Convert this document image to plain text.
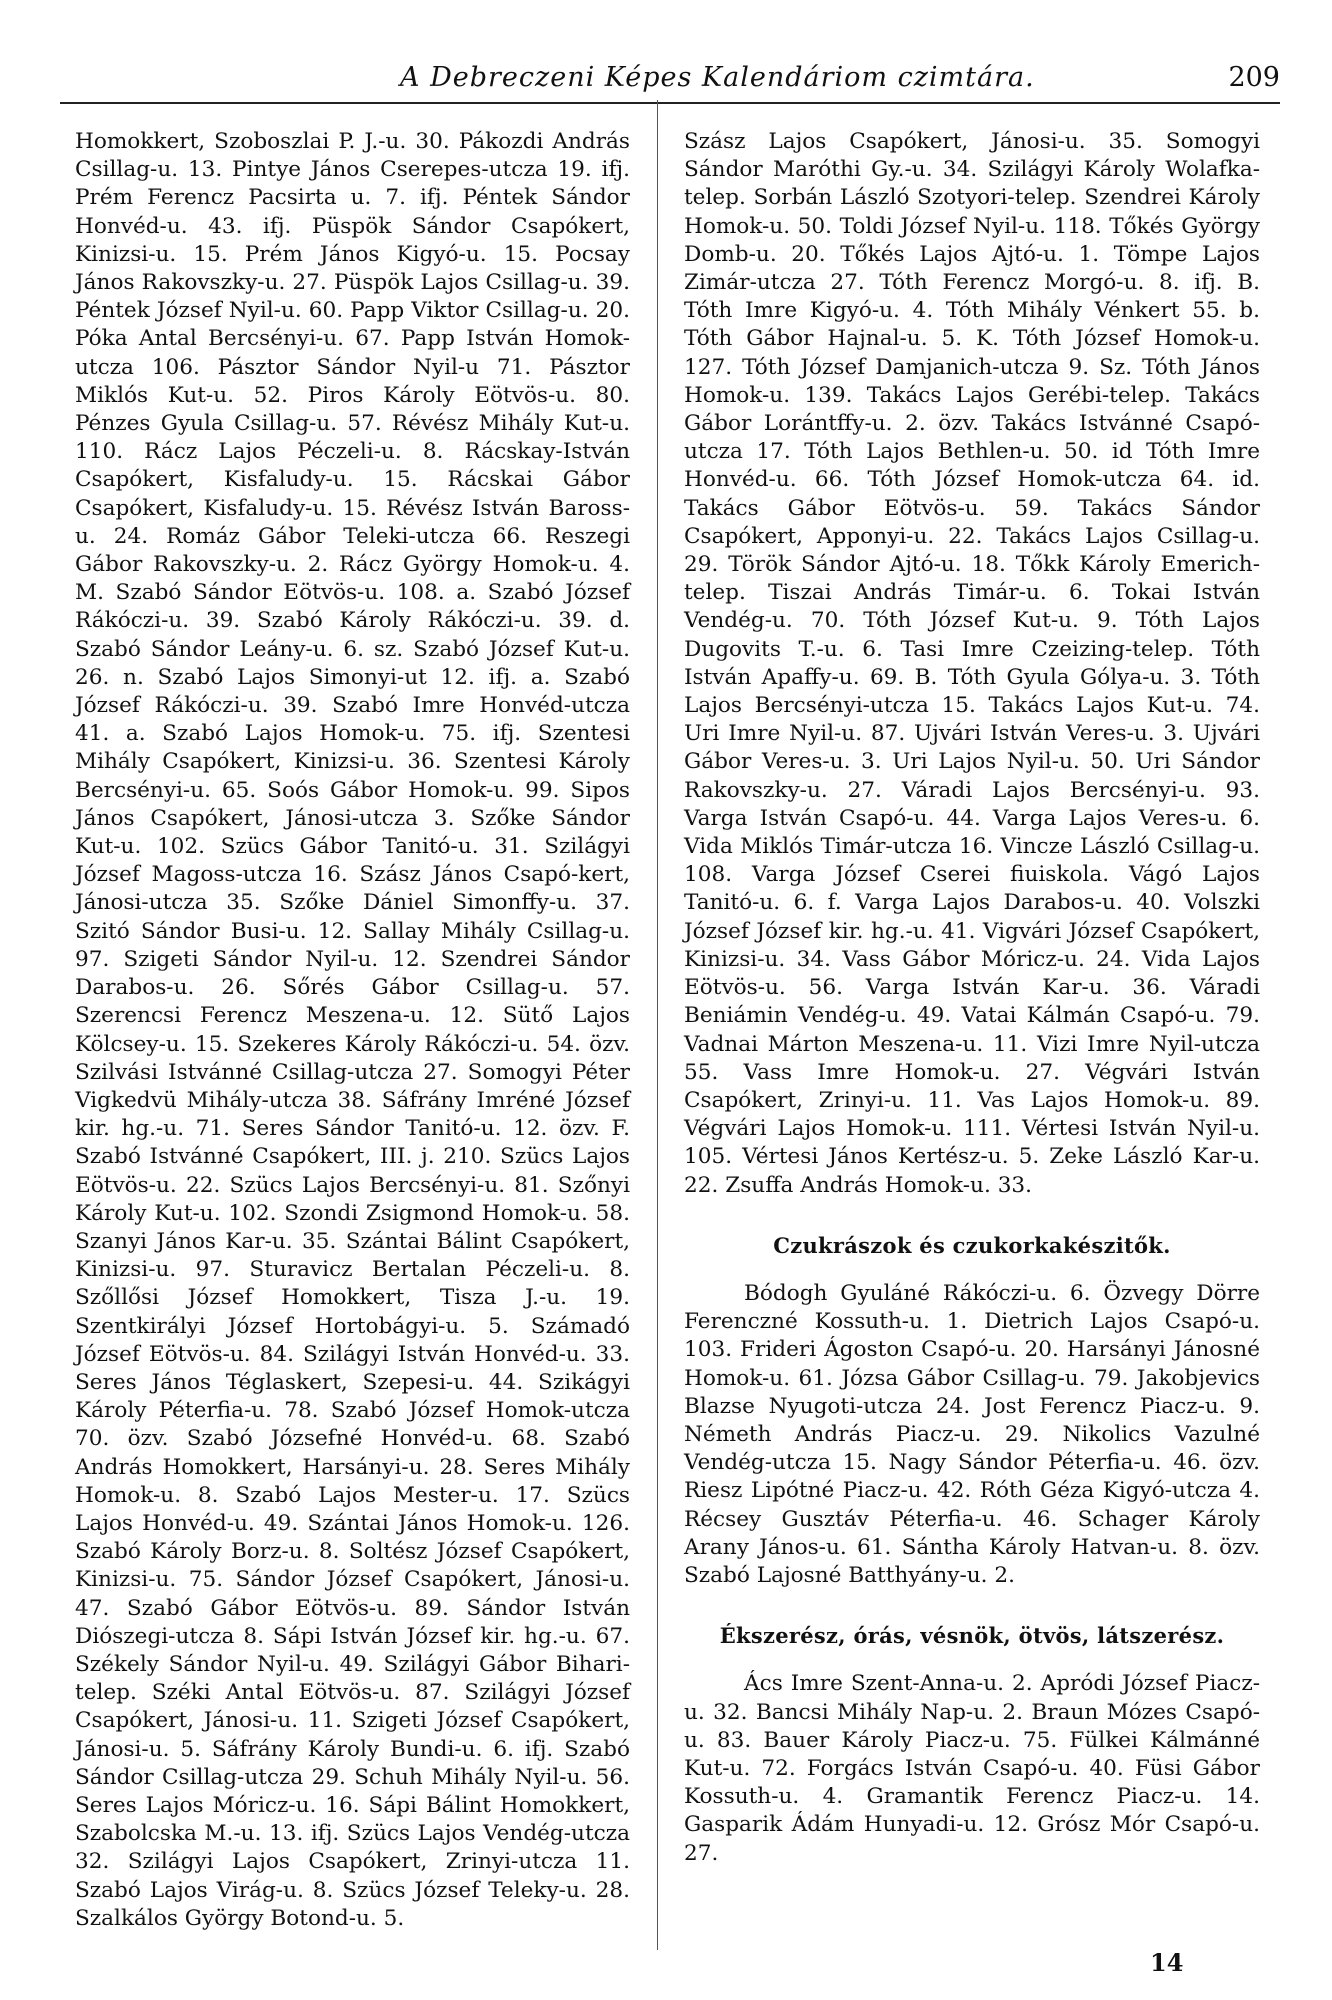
A Debreczeni Képes Kalendáriom czimtára.	209

Homokkert, Szoboszlai P. J.-u. 30. Pákozdi András Csillag-u. 13. Pintye János Cserepes-utcza 19. ifj. Prém Ferencz Pacsirta u. 7. ifj. Péntek Sándor Honvéd-u. 43. ifj. Püspök Sándor Csapókert, Kinizsi-u. 15. Prém János Kigyó-u. 15. Pocsay János Rakovszky-u. 27. Püspök Lajos Csillag-u. 39. Péntek József Nyil-u. 60. Papp Viktor Csillag-u. 20. Póka Antal Bercsényi-u. 67. Papp István Homok-utcza 106. Pásztor Sándor Nyil-u 71. Pásztor Miklós Kut-u. 52. Piros Károly Eötvös-u. 80. Pénzes Gyula Csillag-u. 57. Révész Mihály Kut-u. 110. Rácz Lajos Péczeli-u. 8. Rácskay-István Csapókert, Kisfaludy-u. 15. Rácskai Gábor Csapókert, Kisfaludy-u. 15. Révész István Baross-u. 24. Romáz Gábor Teleki-utcza 66. Reszegi Gábor Rakovszky-u. 2. Rácz György Homok-u. 4. M. Szabó Sándor Eötvös-u. 108. a. Szabó József Rákóczi-u. 39. Szabó Károly Rákóczi-u. 39. d. Szabó Sándor Leány-u. 6. sz. Szabó József Kut-u. 26. n. Szabó Lajos Simonyi-ut 12. ifj. a. Szabó József Rákóczi-u. 39. Szabó Imre Honvéd-utcza 41. a. Szabó Lajos Homok-u. 75. ifj. Szentesi Mihály Csapókert, Kinizsi-u. 36. Szentesi Károly Bercsényi-u. 65. Soós Gábor Homok-u. 99. Sipos János Csapókert, Jánosi-utcza 3. Szőke Sándor Kut-u. 102. Szücs Gábor Tanitó-u. 31. Szilágyi József Magoss-utcza 16. Szász János Csapó-kert, Jánosi-utcza 35. Szőke Dániel Simonffy-u. 37. Szitó Sándor Busi-u. 12. Sallay Mihály Csillag-u. 97. Szigeti Sándor Nyil-u. 12. Szendrei Sándor Darabos-u. 26. Sőrés Gábor Csillag-u. 57. Szerencsi Ferencz Meszena-u. 12. Sütő Lajos Kölcsey-u. 15. Szekeres Károly Rákóczi-u. 54. özv. Szilvási Istvánné Csillag-utcza 27. Somogyi Péter Vigkedvü Mihály-utcza 38. Sáfrány Imréné József kir. hg.-u. 71. Seres Sándor Tanitó-u. 12. özv. F. Szabó Istvánné Csapókert, III. j. 210. Szücs Lajos Eötvös-u. 22. Szücs Lajos Bercsényi-u. 81. Szőnyi Károly Kut-u. 102. Szondi Zsigmond Homok-u. 58. Szanyi János Kar-u. 35. Szántai Bálint Csapókert, Kinizsi-u. 97. Sturavicz Bertalan Péczeli-u. 8. Szőllősi József Homokkert, Tisza J.-u. 19. Szentkirályi József Hortobágyi-u. 5. Számadó József Eötvös-u. 84. Szilágyi István Honvéd-u. 33. Seres János Téglaskert, Szepesi-u. 44. Szikágyi Károly Péterfia-u. 78. Szabó József Homok-utcza 70. özv. Szabó Józsefné Honvéd-u. 68. Szabó András Homokkert, Harsányi-u. 28. Seres Mihály Homok-u. 8. Szabó Lajos Mester-u. 17. Szücs Lajos Honvéd-u. 49. Szántai János Homok-u. 126. Szabó Károly Borz-u. 8. Soltész József Csapókert, Kinizsi-u. 75. Sándor József Csapókert, Jánosi-u. 47. Szabó Gábor Eötvös-u. 89. Sándor István Diószegi-utcza 8. Sápi István József kir. hg.-u. 67. Székely Sándor Nyil-u. 49. Szilágyi Gábor Bihari-telep. Széki Antal Eötvös-u. 87. Szilágyi József Csapókert, Jánosi-u. 11. Szigeti József Csapókert, Jánosi-u. 5. Sáfrány Károly Bundi-u. 6. ifj. Szabó Sándor Csillag-utcza 29. Schuh Mihály Nyil-u. 56. Seres Lajos Móricz-u. 16. Sápi Bálint Homokkert, Szabolcska M.-u. 13. ifj. Szücs Lajos Vendég-utcza 32. Szilágyi Lajos Csapókert, Zrinyi-utcza 11. Szabó Lajos Virág-u. 8. Szücs József Teleky-u. 28. Szalkálos György Botond-u. 5.

Szász Lajos Csapókert, Jánosi-u. 35. Somogyi Sándor Maróthi Gy.-u. 34. Szilágyi Károly Wolafka-telep. Sorbán László Szotyori-telep. Szendrei Károly Homok-u. 50. Toldi József Nyil-u. 118. Tőkés György Domb-u. 20. Tőkés Lajos Ajtó-u. 1. Tömpe Lajos Zimár-utcza 27. Tóth Ferencz Morgó-u. 8. ifj. B. Tóth Imre Kigyó-u. 4. Tóth Mihály Vénkert 55. b. Tóth Gábor Hajnal-u. 5. K. Tóth József Homok-u. 127. Tóth József Damjanich-utcza 9. Sz. Tóth János Homok-u. 139. Takács Lajos Gerébi-telep. Takács Gábor Lorántffy-u. 2. özv. Takács Istvánné Csapó-utcza 17. Tóth Lajos Bethlen-u. 50. id Tóth Imre Honvéd-u. 66. Tóth József Homok-utcza 64. id. Takács Gábor Eötvös-u. 59. Takács Sándor Csapókert, Apponyi-u. 22. Takács Lajos Csillag-u. 29. Török Sándor Ajtó-u. 18. Tőkk Károly Emerich-telep. Tiszai András Timár-u. 6. Tokai István Vendég-u. 70. Tóth József Kut-u. 9. Tóth Lajos Dugovits T.-u. 6. Tasi Imre Czeizing-telep. Tóth István Apaffy-u. 69. B. Tóth Gyula Gólya-u. 3. Tóth Lajos Bercsényi-utcza 15. Takács Lajos Kut-u. 74. Uri Imre Nyil-u. 87. Ujvári István Veres-u. 3. Ujvári Gábor Veres-u. 3. Uri Lajos Nyil-u. 50. Uri Sándor Rakovszky-u. 27. Váradi Lajos Bercsényi-u. 93. Varga István Csapó-u. 44. Varga Lajos Veres-u. 6. Vida Miklós Timár-utcza 16. Vincze László Csillag-u. 108. Varga József Cserei fiuiskola. Vágó Lajos Tanitó-u. 6. f. Varga Lajos Darabos-u. 40. Volszki József József kir. hg.-u. 41. Vigvári József Csapókert, Kinizsi-u. 34. Vass Gábor Móricz-u. 24. Vida Lajos Eötvös-u. 56. Varga István Kar-u. 36. Váradi Beniámin Vendég-u. 49. Vatai Kálmán Csapó-u. 79. Vadnai Márton Meszena-u. 11. Vizi Imre Nyil-utcza 55. Vass Imre Homok-u. 27. Végvári István Csapókert, Zrinyi-u. 11. Vas Lajos Homok-u. 89. Végvári Lajos Homok-u. 111. Vértesi István Nyil-u. 105. Vértesi János Kertész-u. 5. Zeke László Kar-u. 22. Zsuffa András Homok-u. 33.

Czukrászok és czukorkakészitők.

Bódogh Gyuláné Rákóczi-u. 6. Özvegy Dörre Ferenczné Kossuth-u. 1. Dietrich Lajos Csapó-u. 103. Frideri Ágoston Csapó-u. 20. Harsányi Jánosné Homok-u. 61. Józsa Gábor Csillag-u. 79. Jakobjevics Blazse Nyugoti-utcza 24. Jost Ferencz Piacz-u. 9. Németh András Piacz-u. 29. Nikolics Vazulné Vendég-utcza 15. Nagy Sándor Péterfia-u. 46. özv. Riesz Lipótné Piacz-u. 42. Róth Géza Kigyó-utcza 4. Récsey Gusztáv Péterfia-u. 46. Schager Károly Arany János-u. 61. Sántha Károly Hatvan-u. 8. özv. Szabó Lajosné Batthyány-u. 2.

Ékszerész, órás, vésnök, ötvös, látszerész.

Ács Imre Szent-Anna-u. 2. Apródi József Piacz-u. 32. Bancsi Mihály Nap-u. 2. Braun Mózes Csapó-u. 83. Bauer Károly Piacz-u. 75. Fülkei Kálmánné Kut-u. 72. Forgács István Csapó-u. 40. Füsi Gábor Kossuth-u. 4. Gramantik Ferencz Piacz-u. 14. Gasparik Ádám Hunyadi-u. 12. Grósz Mór Csapó-u. 27.

14
